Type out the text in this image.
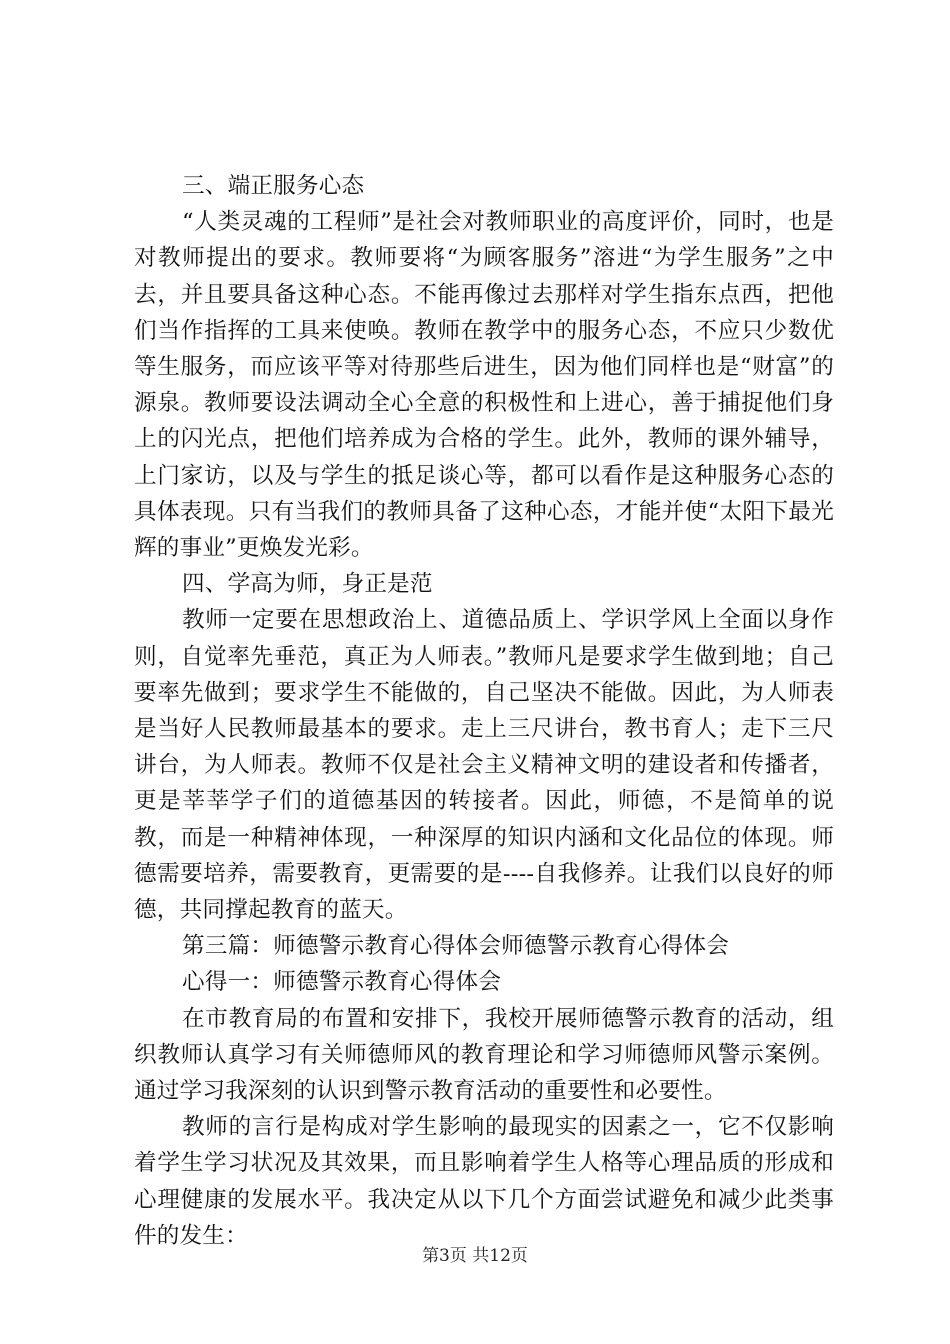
三、端正服务心态

“人类灵魂的工程师”是社会对教师职业的高度评价，同时，也是对教师提出的要求。教师要将“为顾客服务”溶进“为学生服务”之中去，并且要具备这种心态。不能再像过去那样对学生指东点西，把他们当作指挥的工具来使唤。教师在教学中的服务心态，不应只少数优等生服务，而应该平等对待那些后进生，因为他们同样也是“财富”的源泉。教师要设法调动全心全意的积极性和上进心，善于捕捉他们身上的闪光点，把他们培养成为合格的学生。此外，教师的课外辅导，上门家访，以及与学生的抵足谈心等，都可以看作是这种服务心态的具体表现。只有当我们的教师具备了这种心态，才能并使“太阳下最光辉的事业”更焕发光彩。

四、学高为师，身正是范

教师一定要在思想政治上、道德品质上、学识学风上全面以身作则，自觉率先垂范，真正为人师表。”教师凡是要求学生做到地；自己要率先做到；要求学生不能做的，自己坚决不能做。因此，为人师表是当好人民教师最基本的要求。走上三尺讲台，教书育人；走下三尺讲台，为人师表。教师不仅是社会主义精神文明的建设者和传播者，更是莘莘学子们的道德基因的转接者。因此，师德，不是简单的说教，而是一种精神体现，一种深厚的知识内涵和文化品位的体现。师德需要培养，需要教育，更需要的是----自我修养。让我们以良好的师德，共同撑起教育的蓝天。

第三篇：师德警示教育心得体会师德警示教育心得体会

心得一：师德警示教育心得体会

在市教育局的布置和安排下，我校开展师德警示教育的活动，组织教师认真学习有关师德师风的教育理论和学习师德师风警示案例。通过学习我深刻的认识到警示教育活动的重要性和必要性。

教师的言行是构成对学生影响的最现实的因素之一，它不仅影响着学生学习状况及其效果，而且影响着学生人格等心理品质的形成和心理健康的发展水平。我决定从以下几个方面尝试避免和减少此类事件的发生：

第3页 共12页
